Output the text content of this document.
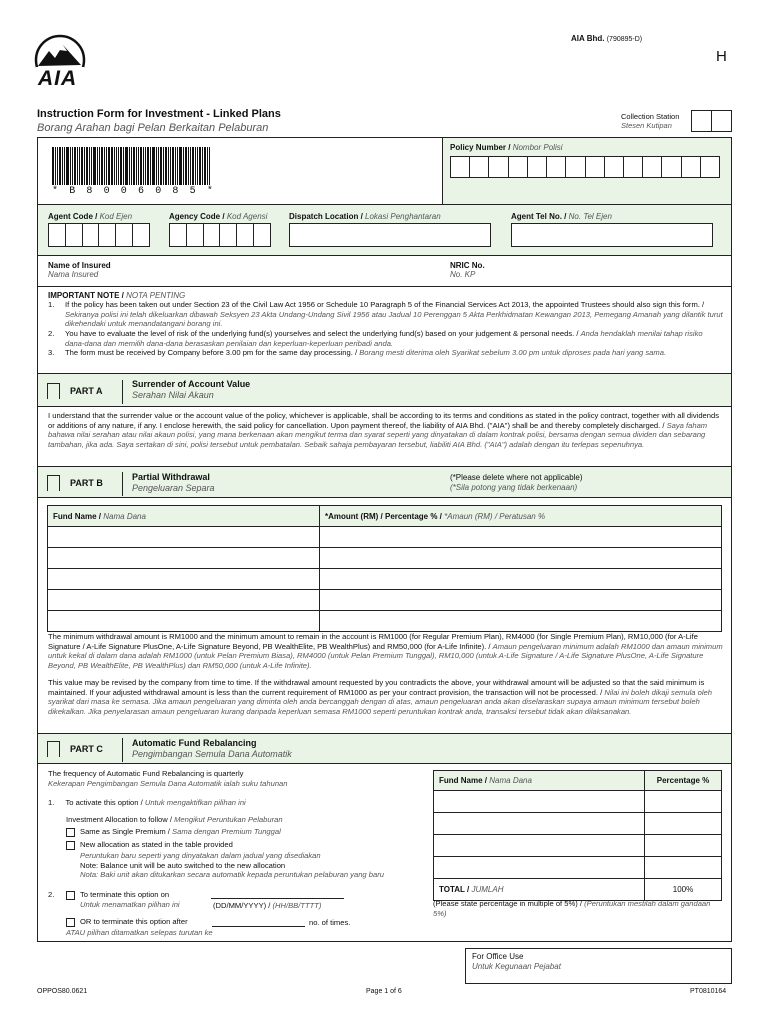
AIA
AIA Bhd. (790895-D)
H
Instruction Form for Investment - Linked Plans
Borang Arahan bagi Pelan Berkaitan Pelaburan
Collection Station
Stesen Kutipan
Policy Number / Nombor Polisi
* B 8 0 0 6 0 8 5 *
Agent Code / Kod Ejen	Agency Code / Kod Agensi	Dispatch Location / Lokasi Penghantaran	Agent Tel No. / No. Tel Ejen
Name of Insured
Nama Insured
NRIC No.
No. KP
IMPORTANT NOTE / NOTA PENTING
1. If the policy has been taken out under Section 23 of the Civil Law Act 1956 or Schedule 10 Paragraph 5 of the Financial Services Act 2013, the appointed Trustees should also sign this form. / Sekiranya polisi ini telah dikeluarkan dibawah Seksyen 23 Akta Undang-Undang Sivil 1956 atau Jadual 10 Perenggan 5 Akta Perkhidmatan Kewangan 2013, Pemegang Amanah yang dilantik turut dikehendaki untuk menandatangani borang ini.
2. You have to evaluate the level of risk of the underlying fund(s) yourselves and select the underlying fund(s) based on your judgement & personal needs. / Anda hendaklah menilai tahap risiko dana-dana dan memilih dana-dana berasaskan penilaian dan keperluan-keperluan peribadi anda.
3. The form must be received by Company before 3.00 pm for the same day processing. / Borang mesti diterima oleh Syarikat sebelum 3.00 pm untuk diproses pada hari yang sama.
PART A
Surrender of Account Value
Serahan Nilai Akaun
I understand that the surrender value or the account value of the policy, whichever is applicable, shall be according to its terms and conditions as stated in the policy contract, together with all dividends or additions of any nature, if any. I enclose herewith, the said policy for cancellation. Upon payment thereof, the liability of AIA Bhd. ("AIA") shall be and thereby completely discharged. / Saya faham bahawa nilai serahan atau nilai akaun polisi, yang mana berkenaan akan mengikut terma dan syarat seperti yang dinyatakan di dalam kontrak polisi, bersama dengan semua dividen dan sebarang tambahan, jika ada. Saya sertakan di sini, polisi tersebut untuk pembatalan. Sebaik sahaja pembayaran tersebut, liabiliti AIA Bhd. ("AIA") adalah dengan itu terlepas sepenuhnya.
PART B
Partial Withdrawal
Pengeluaran Separa
(*Please delete where not applicable)
(*Sila potong yang tidak berkenaan)
Fund Name / Nama Dana	*Amount (RM) / Percentage % / *Amaun (RM) / Peratusan %

The minimum withdrawal amount is RM1000 and the minimum amount to remain in the account is RM1000 (for Regular Premium Plan), RM4000 (for Single Premium Plan), RM10,000 (for A-Life Signature / A-Life Signature PlusOne, A-Life Signature Beyond, PB WealthElite, PB WealthPlus) and RM50,000 (for A-Life Infinite). / Amaun pengeluaran minimum adalah RM1000 dan amaun minimum untuk kekal di dalam dana adalah RM1000 (untuk Pelan Premium Biasa), RM4000 (untuk Pelan Premium Tunggal), RM10,000 (untuk A-Life Signature / A-Life Signature PlusOne, A-Life Signature Beyond, PB WealthElite, PB WealthPlus) dan RM50,000 (untuk A-Life Infinite).
This value may be revised by the company from time to time. If the withdrawal amount requested by you contradicts the above, your withdrawal amount will be adjusted so that the said minimum is maintained. If your adjusted withdrawal amount is less than the current requirement of RM1000 as per your contract provision, the transaction will not be processed. / Nilai ini boleh dikaji semula oleh syarikat dari masa ke semasa. Jika amaun pengeluaran yang diminta oleh anda bercanggah dengan di atas, amaun pengeluaran anda akan diselaraskan supaya amaun minimum tersebut boleh dikekalkan. Jika penyelarasan amaun pengeluaran kurang daripada keperluan semasa RM1000 seperti peruntukan kontrak anda, transaksi tersebut tidak akan dilaksanakan.
PART C
Automatic Fund Rebalancing
Pengimbangan Semula Dana Automatik
The frequency of Automatic Fund Rebalancing is quarterly
Kekerapan Pengimbangan Semula Dana Automatik ialah suku tahunan
1. To activate this option / Untuk mengaktifkan pilihan ini
Investment Allocation to follow / Mengikut Peruntukan Pelaburan
Same as Single Premium / Sama dengan Premium Tunggal
New allocation as stated in the table provided
Peruntukan baru seperti yang dinyatakan dalam jadual yang disediakan
Note: Balance unit will be auto switched to the new allocation
Nota: Baki unit akan ditukarkan secara automatik kepada peruntukan pelaburan yang baru
2.	To terminate this option on
Untuk menamatkan pilihan ini	(DD/MM/YYYY) / (HH/BB/TTTT)
OR to terminate this option after	no. of times.
ATAU pilihan ditamatkan selepas turutan ke
Fund Name / Nama Dana	Percentage %

TOTAL / JUMLAH	100%
(Please state percentage in multiple of 5%) / (Peruntukan mestilah dalam gandaan 5%)
For Office Use
Untuk Kegunaan Pejabat
OPPOS80.0621	Page 1 of 6	PT0810164
